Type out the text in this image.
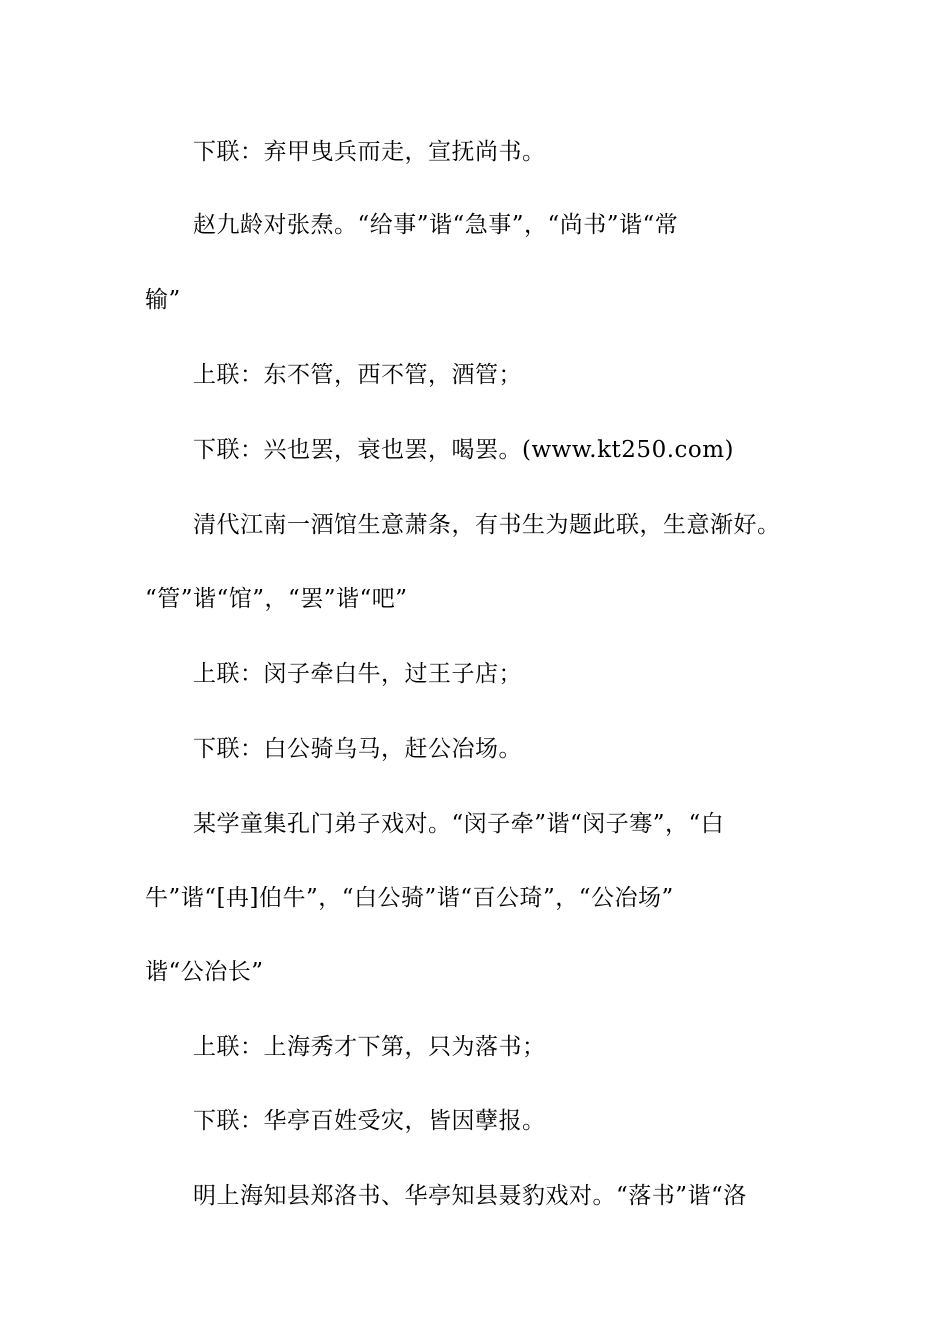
下联：弃甲曳兵而走，宣抚尚书。
赵九龄对张焘。“给事”谐“急事”，“尚书”谐“常
输”
上联：东不管，西不管，酒管；
下联：兴也罢，衰也罢，喝罢。(www.kt250.com)
清代江南一酒馆生意萧条，有书生为题此联，生意渐好。
“管”谐“馆”，“罢”谐“吧”
上联：闵子牵白牛，过王子店；
下联：白公骑乌马，赶公冶场。
某学童集孔门弟子戏对。“闵子牵”谐“闵子骞”，“白
牛”谐“[冉]伯牛”，“白公骑”谐“百公琦”，“公冶场”
谐“公冶长”
上联：上海秀才下第，只为落书；
下联：华亭百姓受灾，皆因孽报。
明上海知县郑洛书、华亭知县聂豹戏对。“落书”谐“洛
